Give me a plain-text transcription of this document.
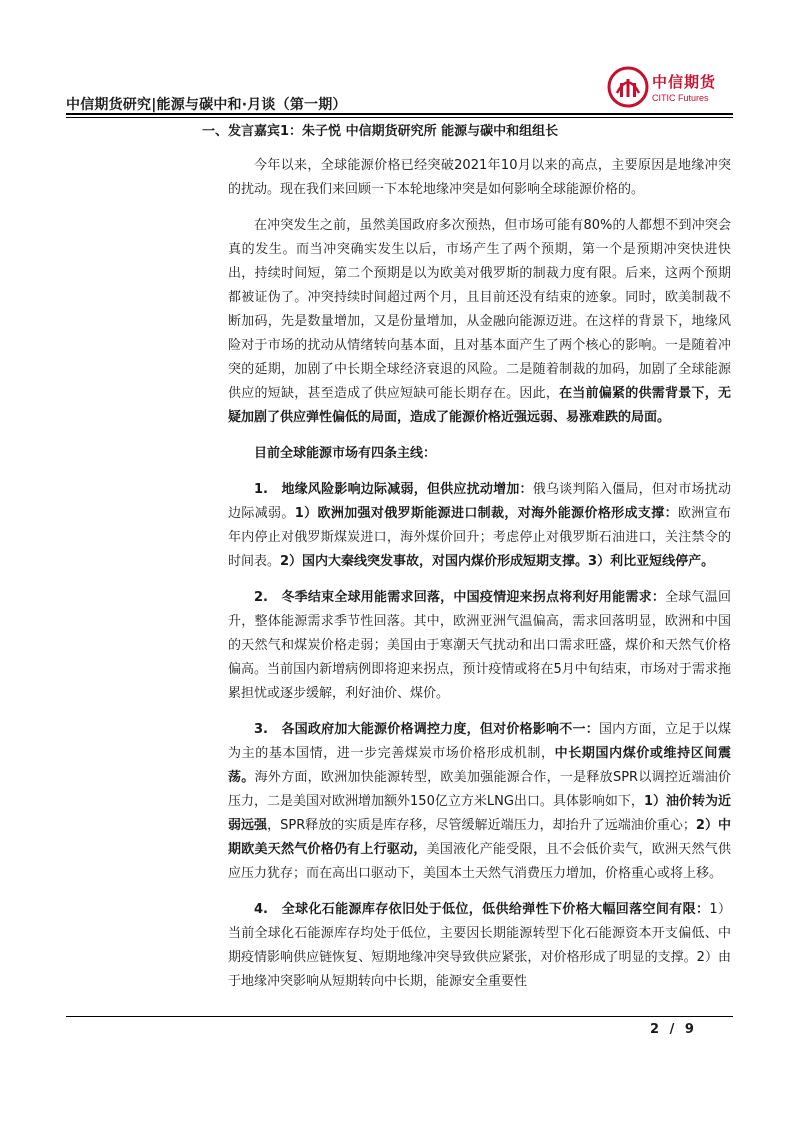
中信期货研究|能源与碳中和·月谈（第一期）
中信期货
CITIC Futures

一、发言嘉宾1：朱子悦 中信期货研究所 能源与碳中和组组长

今年以来，全球能源价格已经突破2021年10月以来的高点，主要原因是地缘冲突的扰动。现在我们来回顾一下本轮地缘冲突是如何影响全球能源价格的。

在冲突发生之前，虽然美国政府多次预热，但市场可能有80%的人都想不到冲突会真的发生。而当冲突确实发生以后，市场产生了两个预期，第一个是预期冲突快进快出，持续时间短，第二个预期是以为欧美对俄罗斯的制裁力度有限。后来，这两个预期都被证伪了。冲突持续时间超过两个月，且目前还没有结束的迹象。同时，欧美制裁不断加码，先是数量增加，又是份量增加，从金融向能源迈进。在这样的背景下，地缘风险对于市场的扰动从情绪转向基本面，且对基本面产生了两个核心的影响。一是随着冲突的延期，加剧了中长期全球经济衰退的风险。二是随着制裁的加码，加剧了全球能源供应的短缺，甚至造成了供应短缺可能长期存在。因此，在当前偏紧的供需背景下，无疑加剧了供应弹性偏低的局面，造成了能源价格近强远弱、易涨难跌的局面。

目前全球能源市场有四条主线：

1.　地缘风险影响边际减弱，但供应扰动增加：俄乌谈判陷入僵局，但对市场扰动边际减弱。1）欧洲加强对俄罗斯能源进口制裁，对海外能源价格形成支撑：欧洲宣布年内停止对俄罗斯煤炭进口，海外煤价回升；考虑停止对俄罗斯石油进口，关注禁令的时间表。2）国内大秦线突发事故，对国内煤价形成短期支撑。3）利比亚短线停产。

2.　冬季结束全球用能需求回落，中国疫情迎来拐点将利好用能需求：全球气温回升，整体能源需求季节性回落。其中，欧洲亚洲气温偏高，需求回落明显，欧洲和中国的天然气和煤炭价格走弱；美国由于寒潮天气扰动和出口需求旺盛，煤价和天然气价格偏高。当前国内新增病例即将迎来拐点，预计疫情或将在5月中旬结束，市场对于需求拖累担忧或逐步缓解，利好油价、煤价。

3.　各国政府加大能源价格调控力度，但对价格影响不一：国内方面，立足于以煤为主的基本国情，进一步完善煤炭市场价格形成机制，中长期国内煤价或维持区间震荡。海外方面，欧洲加快能源转型，欧美加强能源合作，一是释放SPR以调控近端油价压力，二是美国对欧洲增加额外150亿立方米LNG出口。具体影响如下，1）油价转为近弱远强，SPR释放的实质是库存移，尽管缓解近端压力，却抬升了远端油价重心；2）中期欧美天然气价格仍有上行驱动，美国液化产能受限，且不会低价卖气，欧洲天然气供应压力犹存；而在高出口驱动下，美国本土天然气消费压力增加，价格重心或将上移。

4.　全球化石能源库存依旧处于低位，低供给弹性下价格大幅回落空间有限：1）当前全球化石能源库存均处于低位，主要因长期能源转型下化石能源资本开支偏低、中期疫情影响供应链恢复、短期地缘冲突导致供应紧张，对价格形成了明显的支撑。2）由于地缘冲突影响从短期转向中长期，能源安全重要性

2 / 9
